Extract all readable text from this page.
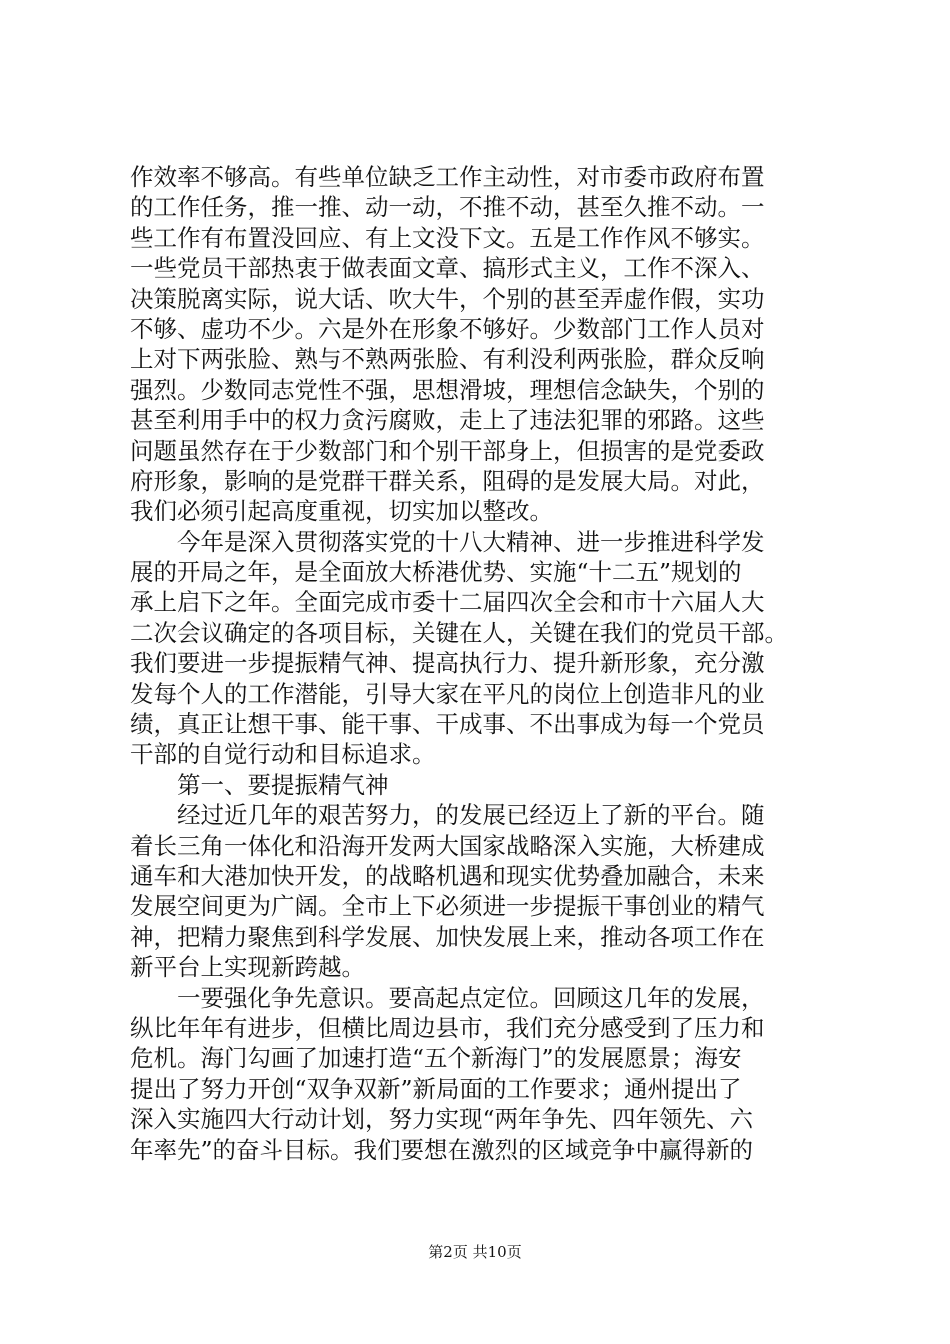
作效率不够高。有些单位缺乏工作主动性，对市委市政府布置
的工作任务，推一推、动一动，不推不动，甚至久推不动。一
些工作有布置没回应、有上文没下文。五是工作作风不够实。
一些党员干部热衷于做表面文章、搞形式主义，工作不深入、
决策脱离实际，说大话、吹大牛，个别的甚至弄虚作假，实功
不够、虚功不少。六是外在形象不够好。少数部门工作人员对
上对下两张脸、熟与不熟两张脸、有利没利两张脸，群众反响
强烈。少数同志党性不强，思想滑坡，理想信念缺失，个别的
甚至利用手中的权力贪污腐败，走上了违法犯罪的邪路。这些
问题虽然存在于少数部门和个别干部身上，但损害的是党委政
府形象，影响的是党群干群关系，阻碍的是发展大局。对此，
我们必须引起高度重视，切实加以整改。
　　今年是深入贯彻落实党的十八大精神、进一步推进科学发
展的开局之年，是全面放大桥港优势、实施“十二五”规划的
承上启下之年。全面完成市委十二届四次全会和市十六届人大
二次会议确定的各项目标，关键在人，关键在我们的党员干部。
我们要进一步提振精气神、提高执行力、提升新形象，充分激
发每个人的工作潜能，引导大家在平凡的岗位上创造非凡的业
绩，真正让想干事、能干事、干成事、不出事成为每一个党员
干部的自觉行动和目标追求。
　　第一、要提振精气神
　　经过近几年的艰苦努力，的发展已经迈上了新的平台。随
着长三角一体化和沿海开发两大国家战略深入实施，大桥建成
通车和大港加快开发，的战略机遇和现实优势叠加融合，未来
发展空间更为广阔。全市上下必须进一步提振干事创业的精气
神，把精力聚焦到科学发展、加快发展上来，推动各项工作在
新平台上实现新跨越。
　　一要强化争先意识。要高起点定位。回顾这几年的发展，
纵比年年有进步，但横比周边县市，我们充分感受到了压力和
危机。海门勾画了加速打造“五个新海门”的发展愿景；海安
提出了努力开创“双争双新”新局面的工作要求；通州提出了
深入实施四大行动计划，努力实现“两年争先、四年领先、六
年率先”的奋斗目标。我们要想在激烈的区域竞争中赢得新的
第2页 共10页
